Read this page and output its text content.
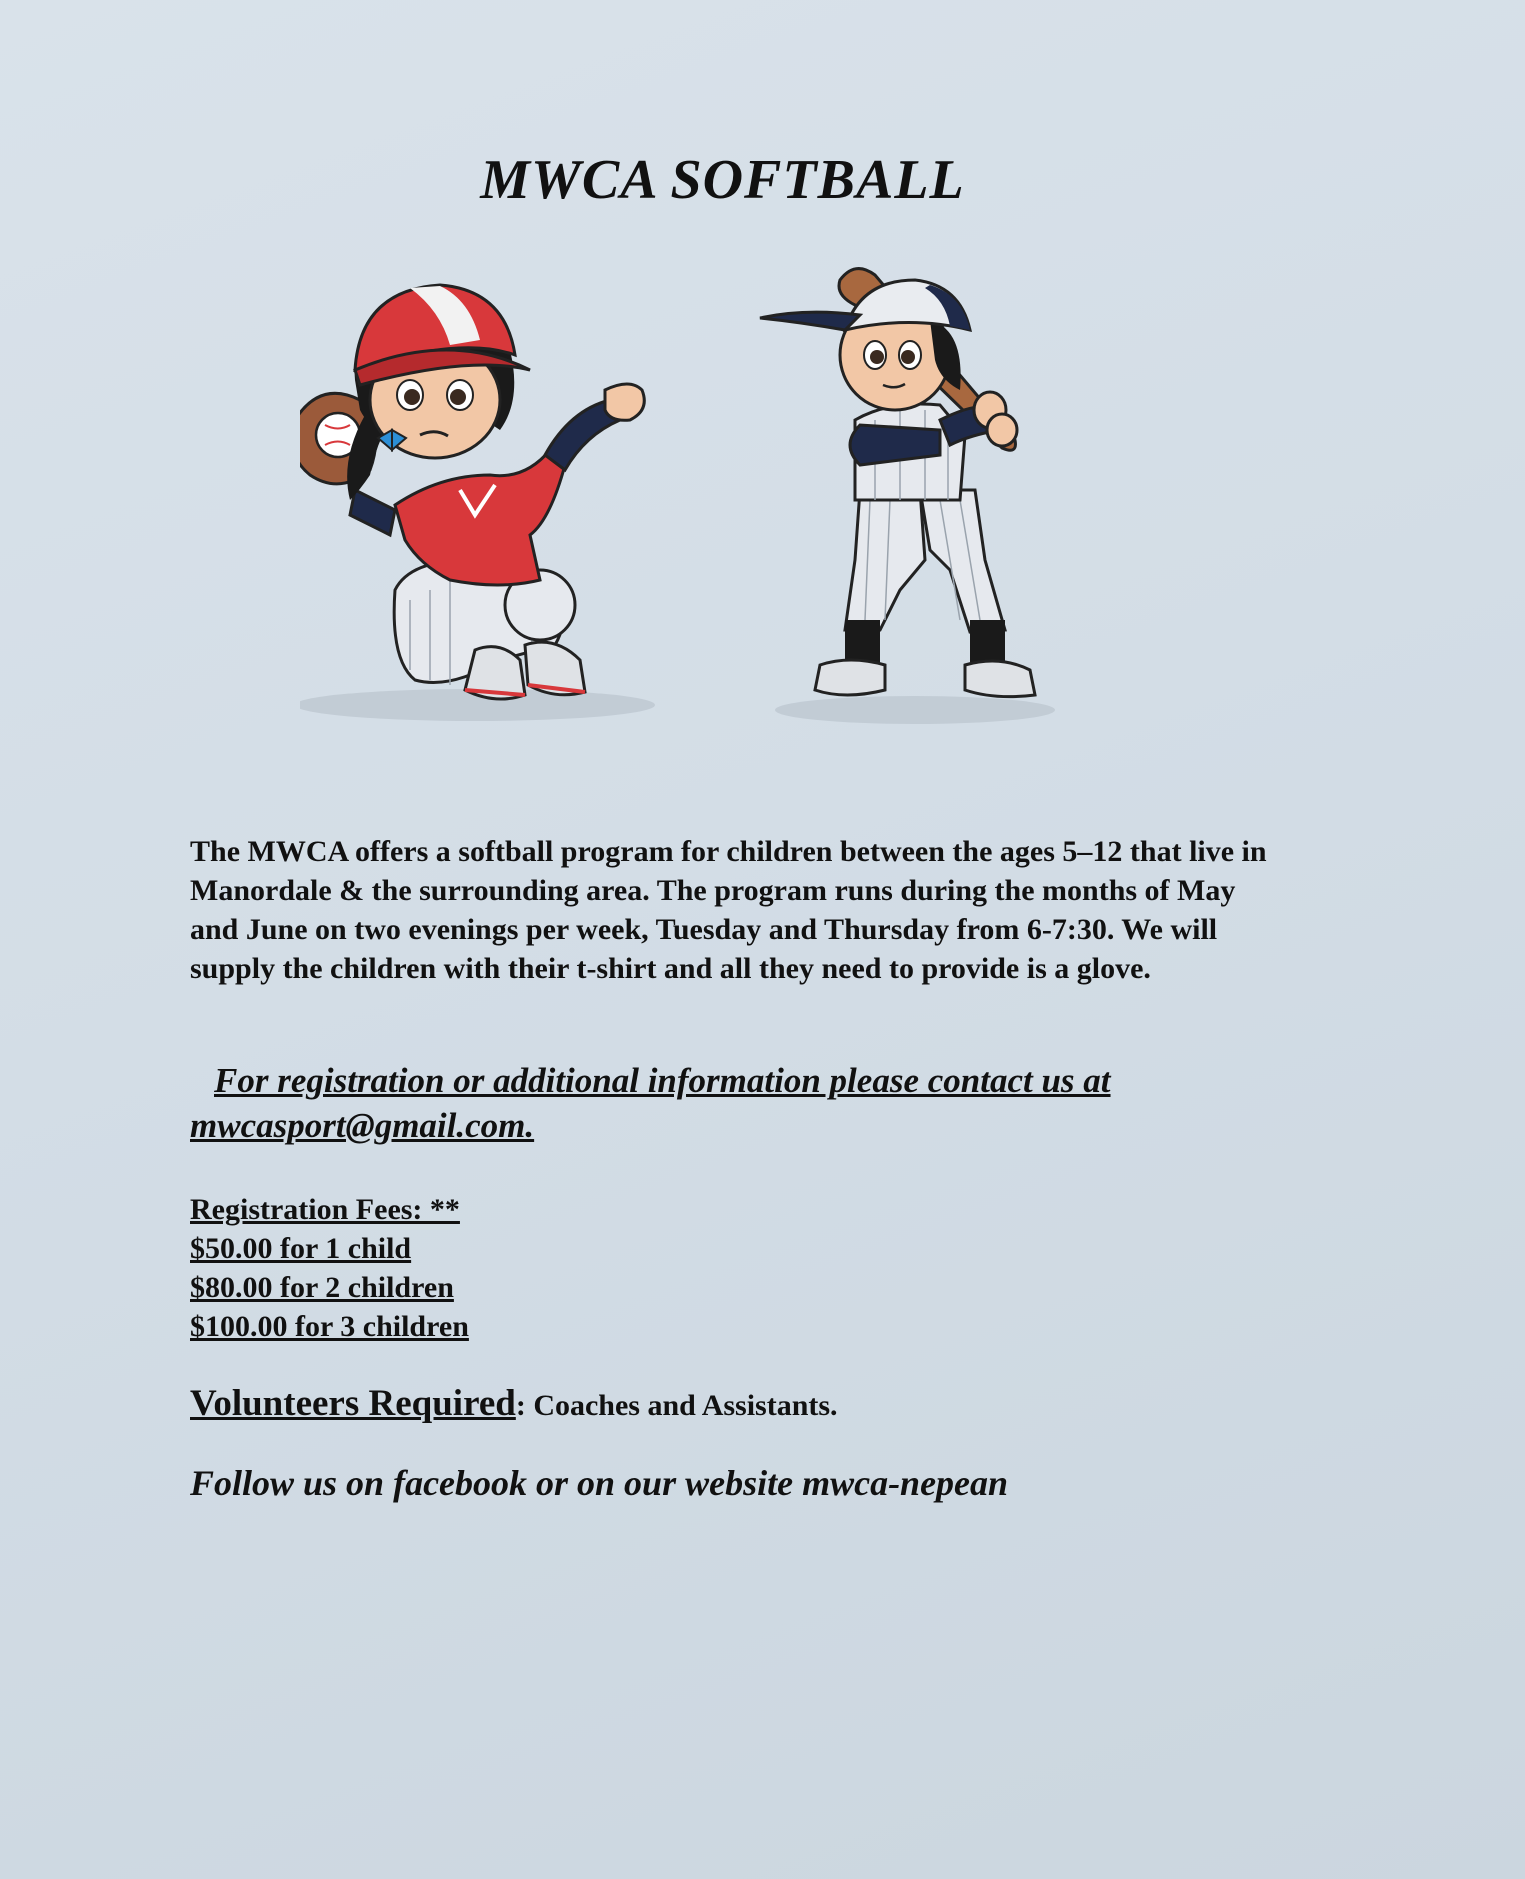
MWCA SOFTBALL
The MWCA offers a softball program for children between the ages 5–12 that live in Manordale & the surrounding area. The program runs during the months of May and June on two evenings per week, Tuesday and Thursday from 6-7:30. We will supply the children with their t-shirt and all they need to provide is a glove.
For registration or additional information please contact us at mwcasport@gmail.com.
Registration Fees: **
$50.00 for 1 child
$80.00 for 2 children
$100.00 for 3 children
Volunteers Required: Coaches and Assistants.
Follow us on facebook or on our website mwca-nepean
